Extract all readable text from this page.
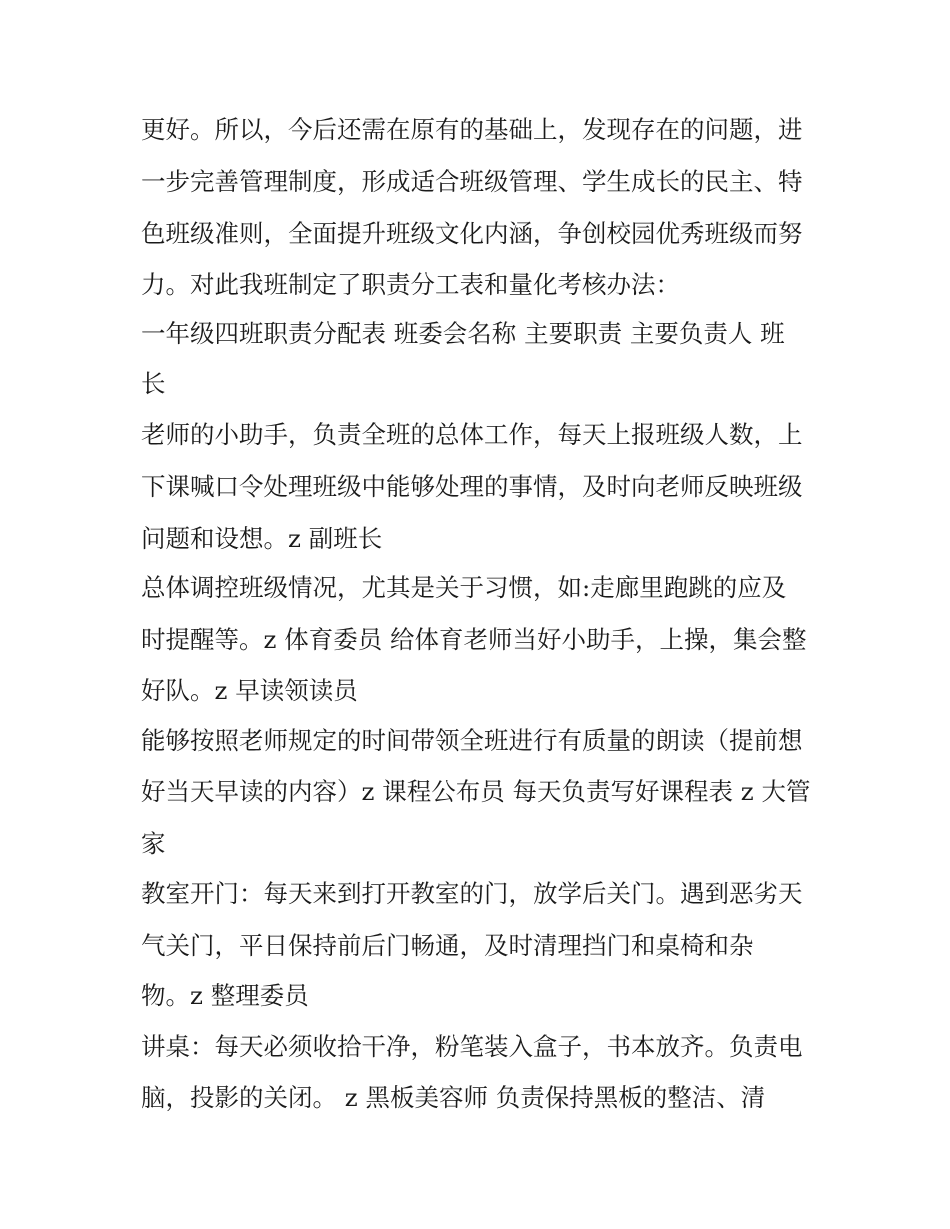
更好。所以，今后还需在原有的基础上，发现存在的问题，进
一步完善管理制度，形成适合班级管理、学生成长的民主、特
色班级准则，全面提升班级文化内涵，争创校园优秀班级而努
力。对此我班制定了职责分工表和量化考核办法：
一年级四班职责分配表 班委会名称 主要职责 主要负责人 班
长
老师的小助手，负责全班的总体工作，每天上报班级人数，上
下课喊口令处理班级中能够处理的事情，及时向老师反映班级
问题和设想。z 副班长
总体调控班级情况，尤其是关于习惯，如:走廊里跑跳的应及
时提醒等。z 体育委员 给体育老师当好小助手，上操，集会整
好队。z 早读领读员
能够按照老师规定的时间带领全班进行有质量的朗读（提前想
好当天早读的内容）z 课程公布员 每天负责写好课程表 z 大管
家
教室开门：每天来到打开教室的门，放学后关门。遇到恶劣天
气关门，平日保持前后门畅通，及时清理挡门和桌椅和杂
物。z 整理委员
讲桌：每天必须收拾干净，粉笔装入盒子，书本放齐。负责电
脑，投影的关闭。 z 黑板美容师 负责保持黑板的整洁、清
